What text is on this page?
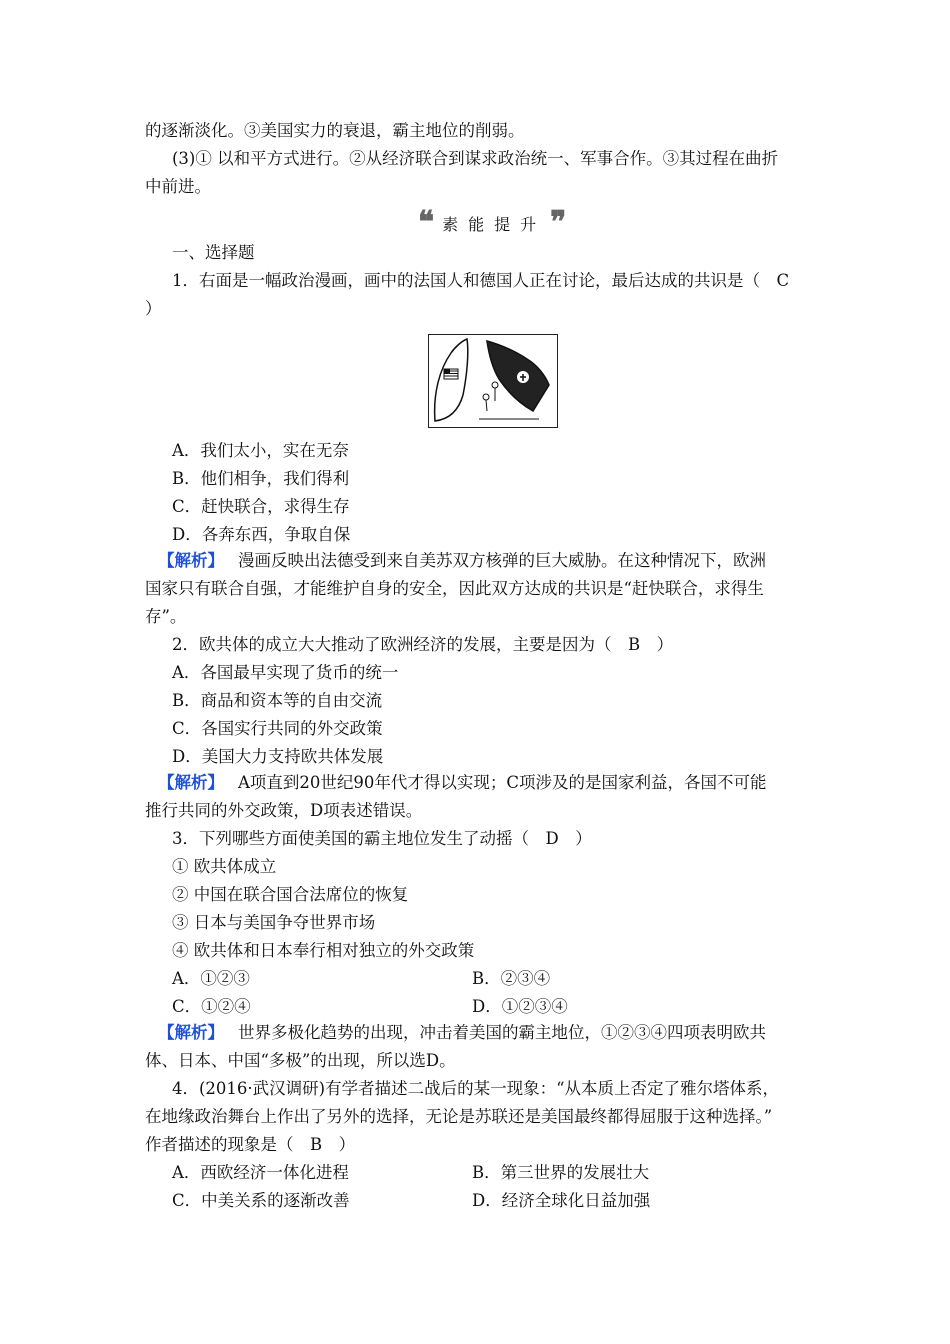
的逐渐淡化。③美国实力的衰退，霸主地位的削弱。
(3)① 以和平方式进行。②从经济联合到谋求政治统一、军事合作。③其过程在曲折
中前进。
❝ 素能提升 ❞
一、选择题
1．右面是一幅政治漫画，画中的法国人和德国人正在讨论，最后达成的共识是（　C
）
A．我们太小，实在无奈
B．他们相争，我们得利
C．赶快联合，求得生存
D．各奔东西，争取自保
【解析】 漫画反映出法德受到来自美苏双方核弹的巨大威胁。在这种情况下，欧洲
国家只有联合自强，才能维护自身的安全，因此双方达成的共识是“赶快联合，求得生
存”。
2．欧共体的成立大大推动了欧洲经济的发展，主要是因为（　B　）
A．各国最早实现了货币的统一
B．商品和资本等的自由交流
C．各国实行共同的外交政策
D．美国大力支持欧共体发展
【解析】 A项直到20世纪90年代才得以实现；C项涉及的是国家利益，各国不可能
推行共同的外交政策，D项表述错误。
3．下列哪些方面使美国的霸主地位发生了动摇（　D　）
① 欧共体成立
② 中国在联合国合法席位的恢复
③ 日本与美国争夺世界市场
④ 欧共体和日本奉行相对独立的外交政策
A．①②③	B．②③④
C．①②④	D．①②③④
【解析】 世界多极化趋势的出现，冲击着美国的霸主地位，①②③④四项表明欧共
体、日本、中国“多极”的出现，所以选D。
4．(2016·武汉调研)有学者描述二战后的某一现象：“从本质上否定了雅尔塔体系，
在地缘政治舞台上作出了另外的选择，无论是苏联还是美国最终都得屈服于这种选择。”
作者描述的现象是（　B　）
A．西欧经济一体化进程	B．第三世界的发展壮大
C．中美关系的逐渐改善	D．经济全球化日益加强
